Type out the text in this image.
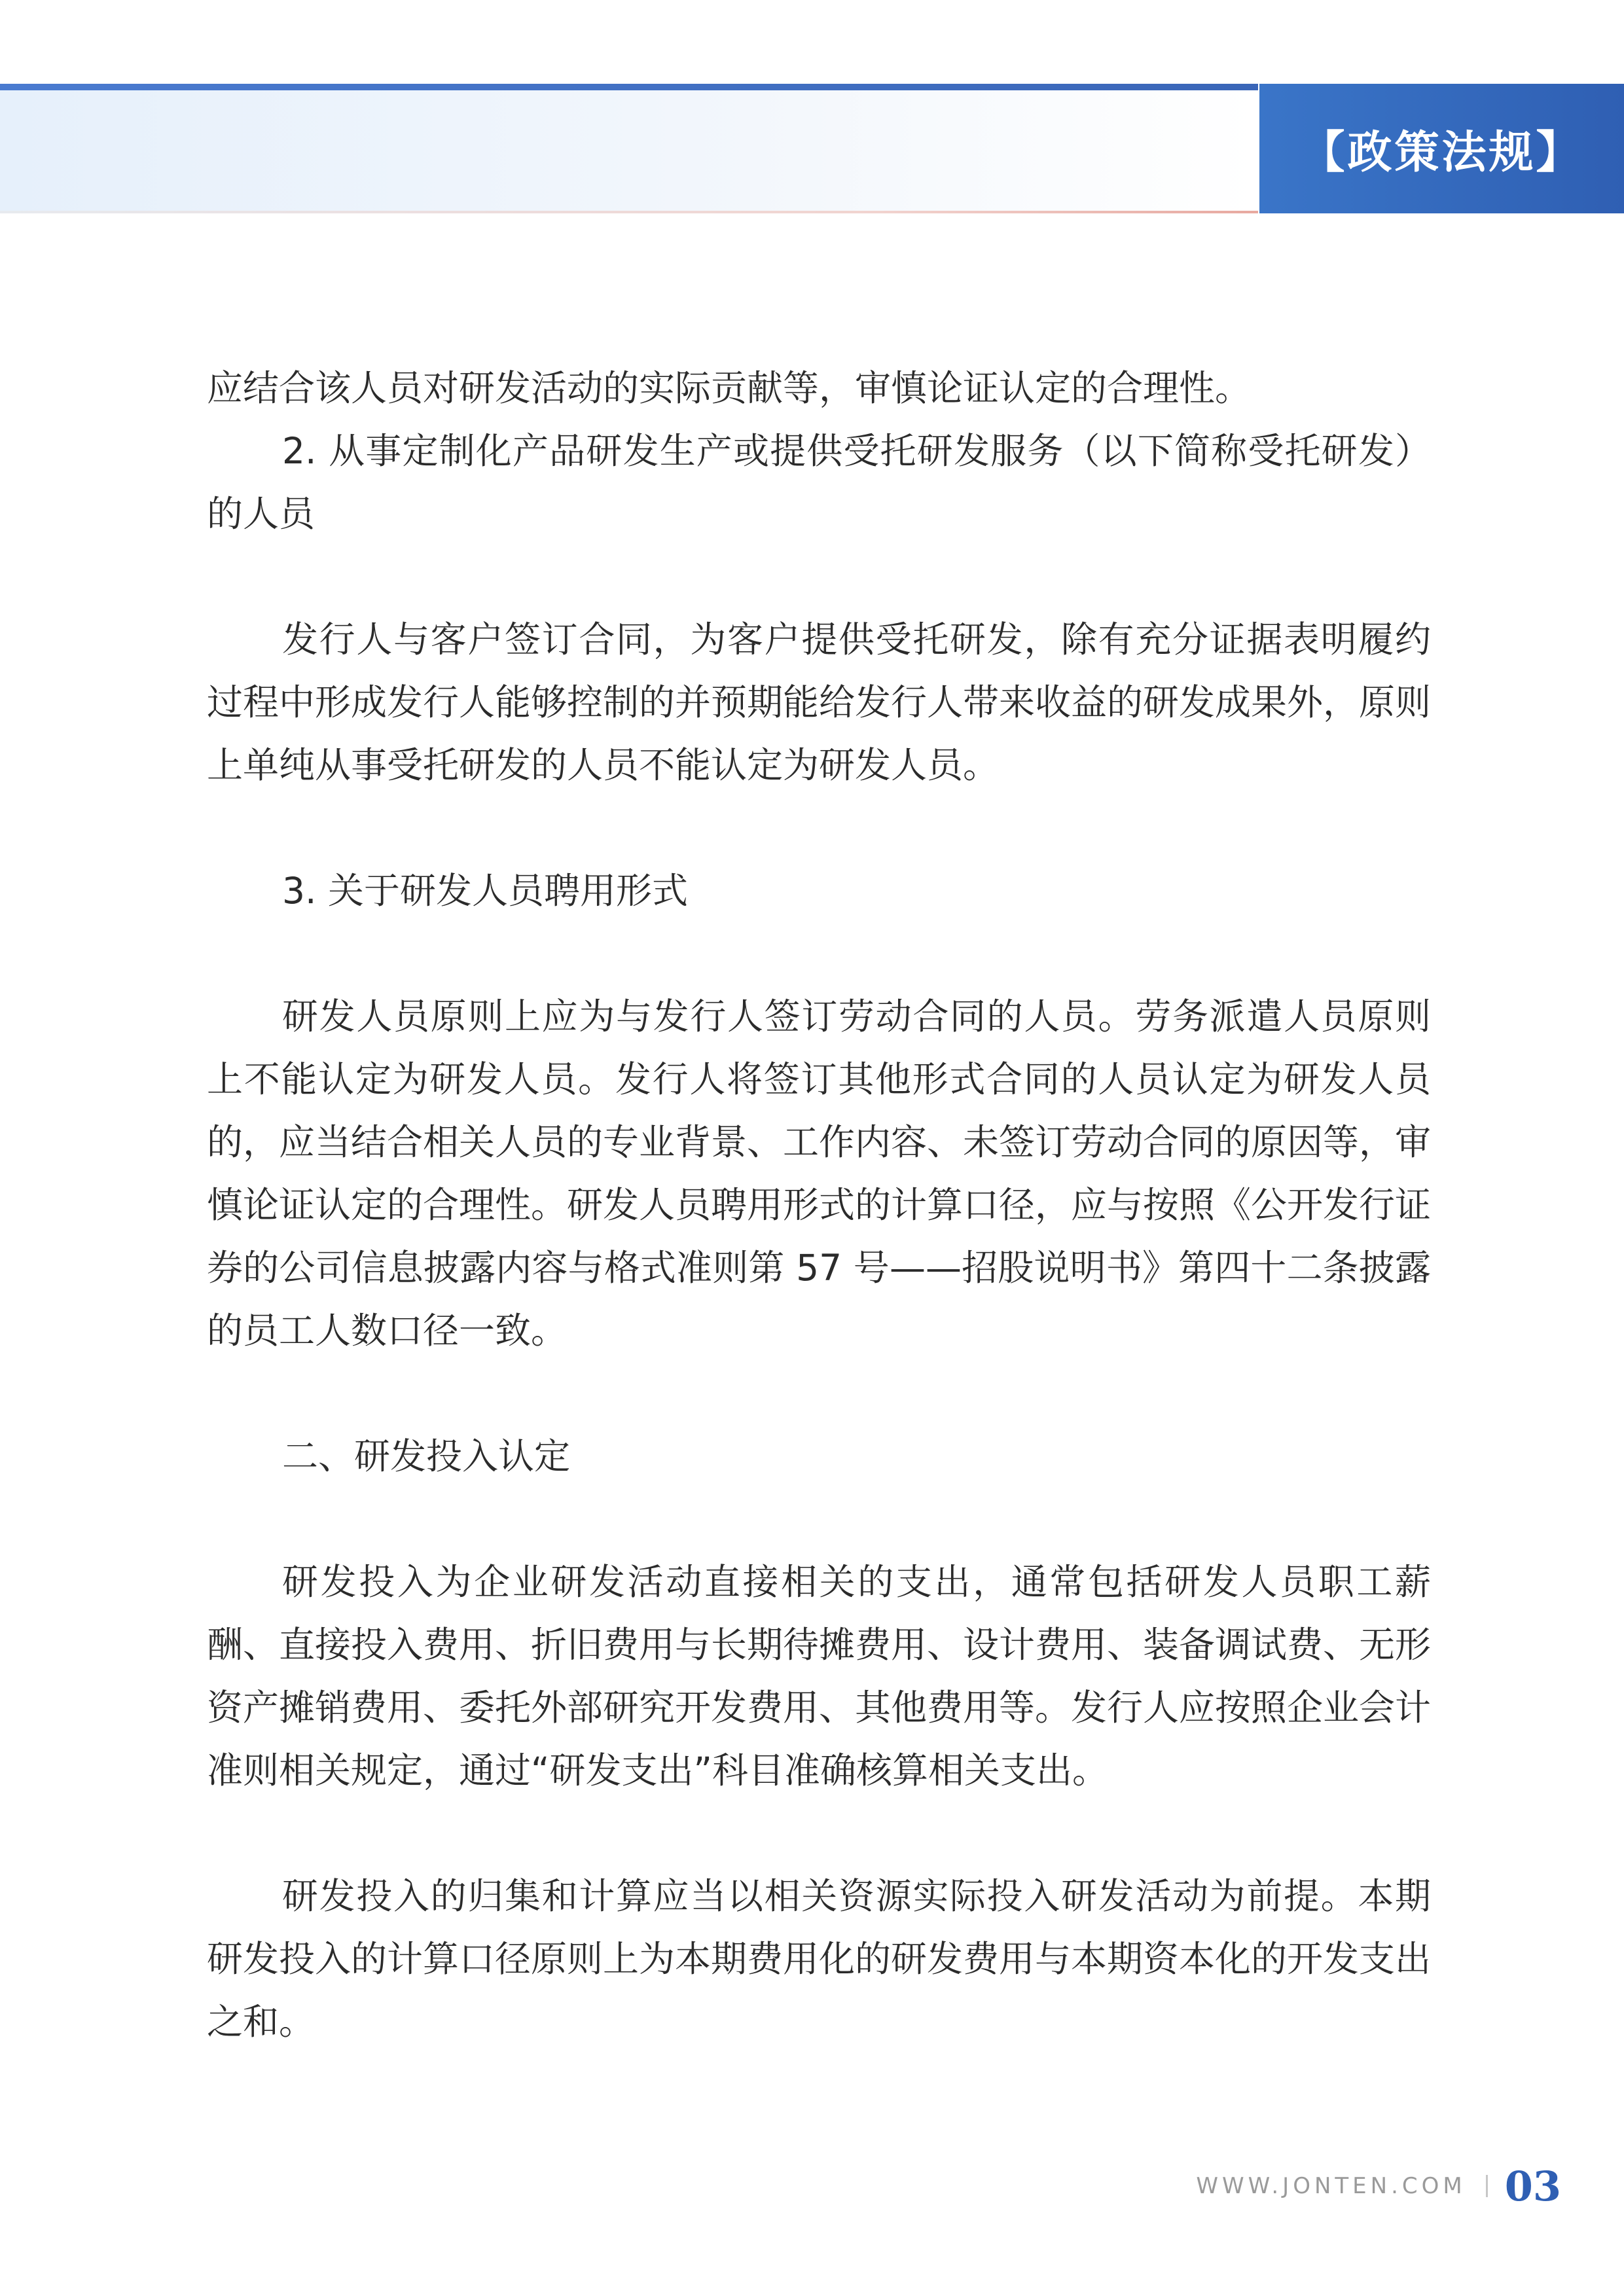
【政策法规】

应结合该人员对研发活动的实际贡献等，审慎论证认定的合理性。

2. 从事定制化产品研发生产或提供受托研发服务（以下简称受托研发）的人员

发行人与客户签订合同，为客户提供受托研发，除有充分证据表明履约过程中形成发行人能够控制的并预期能给发行人带来收益的研发成果外，原则上单纯从事受托研发的人员不能认定为研发人员。

3. 关于研发人员聘用形式

研发人员原则上应为与发行人签订劳动合同的人员。劳务派遣人员原则上不能认定为研发人员。发行人将签订其他形式合同的人员认定为研发人员的，应当结合相关人员的专业背景、工作内容、未签订劳动合同的原因等，审慎论证认定的合理性。研发人员聘用形式的计算口径，应与按照《公开发行证券的公司信息披露内容与格式准则第 57 号——招股说明书》第四十二条披露的员工人数口径一致。

二、研发投入认定

研发投入为企业研发活动直接相关的支出，通常包括研发人员职工薪酬、直接投入费用、折旧费用与长期待摊费用、设计费用、装备调试费、无形资产摊销费用、委托外部研究开发费用、其他费用等。发行人应按照企业会计准则相关规定，通过“研发支出”科目准确核算相关支出。

研发投入的归集和计算应当以相关资源实际投入研发活动为前提。本期研发投入的计算口径原则上为本期费用化的研发费用与本期资本化的开发支出之和。

WWW.JONTEN.COM 03
